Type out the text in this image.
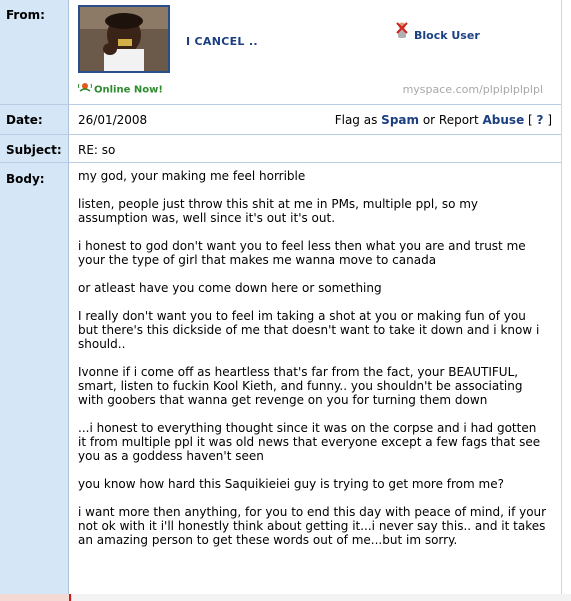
From:
Date:
Subject:
Body:
I CANCEL ..
Online Now!
Block User
myspace.com/plplplplplpl
26/01/2008	Flag as Spam or Report Abuse [ ? ]
RE: so

my god, your making me feel horrible

listen, people just throw this shit at me in PMs, multiple ppl, so my assumption was, well since it's out it's out.

i honest to god don't want you to feel less then what you are and trust me your the type of girl that makes me wanna move to canada

or atleast have you come down here or something

I really don't want you to feel im taking a shot at you or making fun of you but there's this dickside of me that doesn't want to take it down and i know i should..

Ivonne if i come off as heartless that's far from the fact, your BEAUTIFUL, smart, listen to fuckin Kool Kieth, and funny.. you shouldn't be associating with goobers that wanna get revenge on you for turning them down

...i honest to everything thought since it was on the corpse and i had gotten it from multiple ppl it was old news that everyone except a few fags that see you as a goddess haven't seen

you know how hard this Saquikieiei guy is trying to get more from me?

i want more then anything, for you to end this day with peace of mind, if your not ok with it i'll honestly think about getting it...i never say this.. and it takes an amazing person to get these words out of me...but im sorry.
